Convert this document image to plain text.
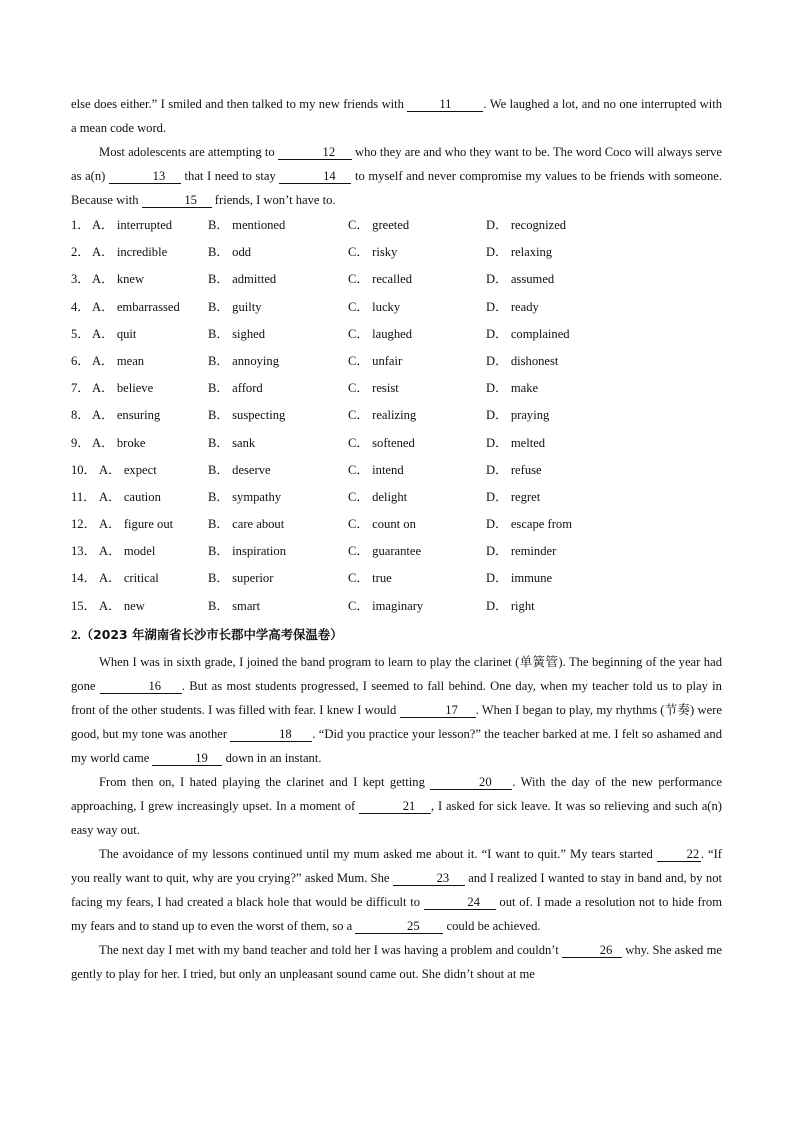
else does either.” I smiled and then talked to my new friends with	11	. We laughed a lot, and no one interrupted with a mean code word.

Most adolescents are attempting to	12 who they are and who they want to be. The word Coco will always serve as a(n)	13 that I need to stay	14 to myself and never compromise my values to be friends with someone. Because with	15 friends, I won’t have to.

1． A． interrupted	B． mentioned	C． greeted	D． recognized
2． A． incredible	B． odd	C． risky	D． relaxing
3． A． knew	B． admitted	C． recalled	D． assumed
4． A． embarrassed B． guilty	C． lucky	D． ready
5． A． quit	B． sighed	C． laughed	D． complained
6． A． mean	B． annoying	C． unfair	D． dishonest
7． A． believe	B． afford	C． resist	D． make
8． A． ensuring	B． suspecting	C． realizing	D． praying
9． A． broke	B． sank	C． softened	D． melted
10． A． expect	B． deserve	C． intend	D． refuse
11． A． caution	B． sympathy	C． delight	D． regret
12． A． figure out	B． care about	C． count on	D． escape from
13． A． model	B． inspiration	C． guarantee	D． reminder
14． A． critical	B． superior	C． true	D． immune
15． A． new	B． smart	C． imaginary	D． right
2.（2023 年湖南省长沙市长郡中学高考保温卷）

When I was in sixth grade, I joined the band program to learn to play the clarinet (单簧管). The beginning of the year had gone	16 . But as most students progressed, I seemed to fall behind. One day, when my teacher told us to play in front of the other students. I was filled with fear. I knew I would	17 . When I began to play, my rhythms (节奏) were good, but my tone was another	18 . “Did you practice your lesson?” the teacher barked at me. I felt so ashamed and my world came	19 down in an instant.

From then on, I hated playing the clarinet and I kept getting	20 . With the day of the new performance approaching, I grew increasingly upset. In a moment of	21 , I asked for sick leave. It was so relieving and such a(n) easy way out.

The avoidance of my lessons continued until my mum asked me about it. “I want to quit.” My tears started 22 . “If you really want to quit, why are you crying?” asked Mum. She	23 and I realized I wanted to stay in band and, by not facing my fears, I had created a black hole that would be difficult to	24 out of. I made a resolution not to hide from my fears and to stand up to even the worst of them, so a	25 could be achieved.

The next day I met with my band teacher and told her I was having a problem and couldn’t	26 why. She asked me gently to play for her. I tried, but only an unpleasant sound came out. She didn’t shout at me
